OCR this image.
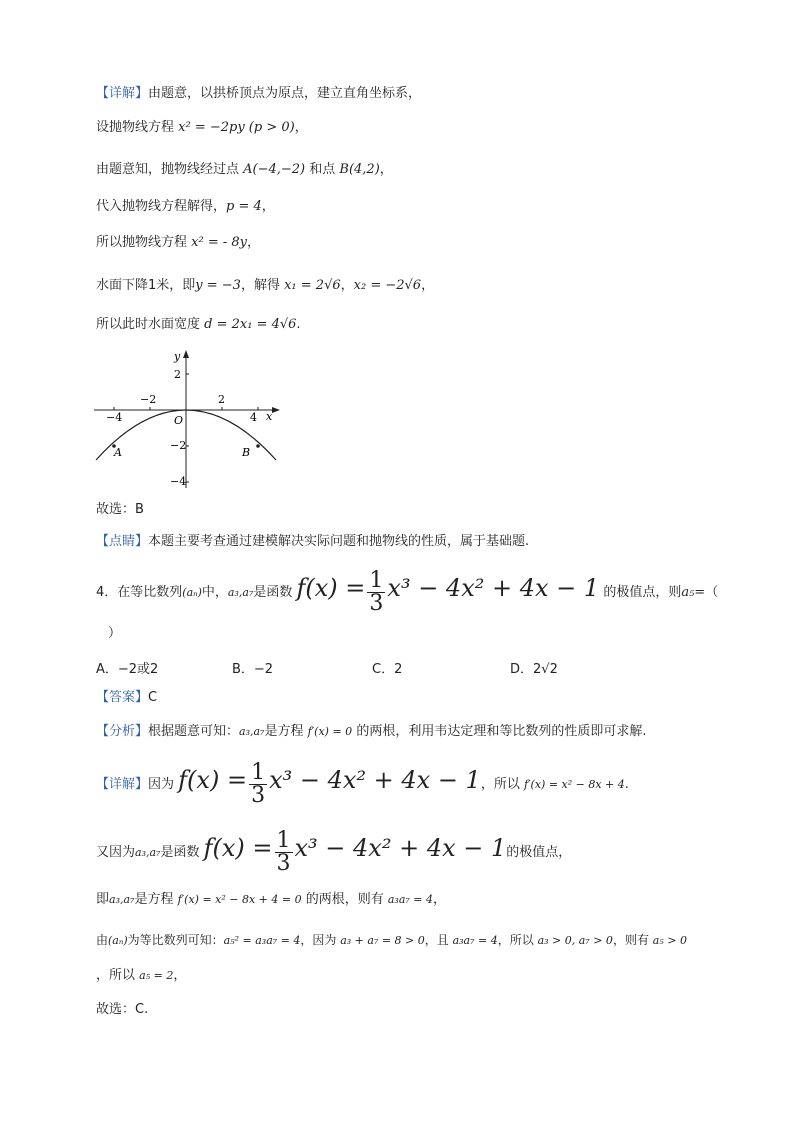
【详解】由题意，以拱桥顶点为原点，建立直角坐标系，
设抛物线方程 x² = −2py (p > 0)，
由题意知，抛物线经过点 A(−4,−2) 和点 B(4,2)，
代入抛物线方程解得，p = 4，
所以抛物线方程 x² = - 8y，
水面下降1米，即y = −3，解得 x₁ = 2√6，x₂ = −2√6，
所以此时水面宽度 d = 2x₁ = 4√6.
y
x
O
2
−2
−4
−4
−2	2
4
A	B
故选：B
【点睛】本题主要考查通过建模解决实际问题和抛物线的性质，属于基础题.
4．在等比数列(aₙ)中，a₃,a₇是函数 $f(x) = \frac{1}{3} x^3 - 4x^2 + 4x - 1$ 的极值点，则a₅=（
）
A．−2或2	B．−2	C．2	D．2√2
【答案】C
【分析】根据题意可知：a₃,a₇是方程 f′(x) = 0 的两根，利用韦达定理和等比数列的性质即可求解.
【详解】因为 $f(x) = \frac{1}{3} x^3 - 4x^2 + 4x - 1$，所以 f′(x) = x² − 8x + 4.
又因为a₃,a₇是函数 $f(x) = \frac{1}{3} x^3 - 4x^2 + 4x - 1$的极值点，
即a₃,a₇是方程 f′(x) = x² − 8x + 4 = 0 的两根，则有 a₃a₇ = 4，
由(aₙ)为等比数列可知：a₅² = a₃a₇ = 4，因为 a₃ + a₇ = 8 > 0，且 a₃a₇ = 4，所以 a₃ > 0, a₇ > 0，则有 a₅ > 0
，所以 a₅ = 2，
故选：C.
